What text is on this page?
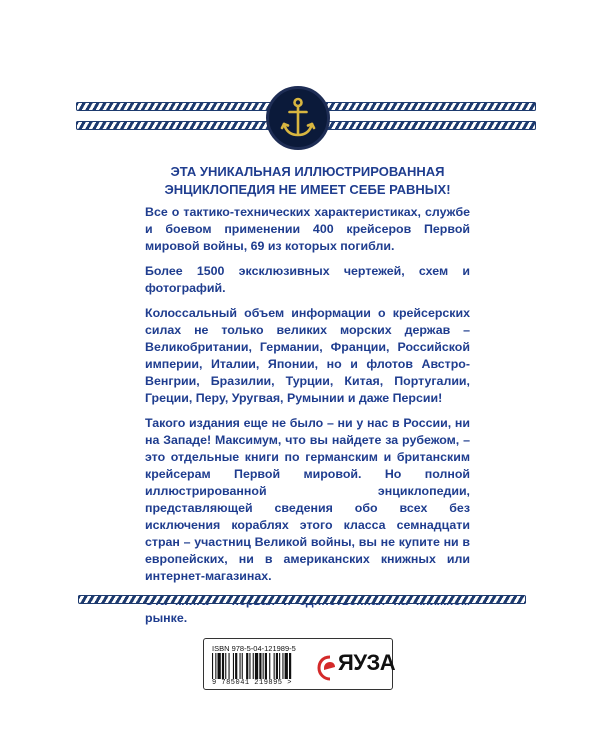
ЭТА УНИКАЛЬНАЯ ИЛЛЮСТРИРОВАННАЯ
ЭНЦИКЛОПЕДИЯ НЕ ИМЕЕТ СЕБЕ РАВНЫХ!

Все о тактико-технических характеристиках, службе и боевом применении 400 крейсеров Первой мировой войны, 69 из которых погибли.

Более 1500 эксклюзивных чертежей, схем и фотографий.

Колоссальный объем информации о крейсерских силах не только великих морских держав – Великобритании, Германии, Франции, Российской империи, Италии, Японии, но и флотов Австро-Венгрии, Бразилии, Турции, Китая, Португалии, Греции, Перу, Уругвая, Румынии и даже Персии!

Такого издания еще не было – ни у нас в России, ни на Западе! Максимум, что вы найдете за рубежом, – это отдельные книги по германским и британским крейсерам Первой мировой. Но полной иллюстрированной энциклопедии, представляющей сведения обо всех без исключения кораблях этого класса семнадцати стран – участниц Великой войны, вы не купите ни в европейских, ни в американских книжных или интернет-магазинах.

рынке.

ISBN 978-5-04-121989-5
9 785041 219895 >
ЯУЗА
